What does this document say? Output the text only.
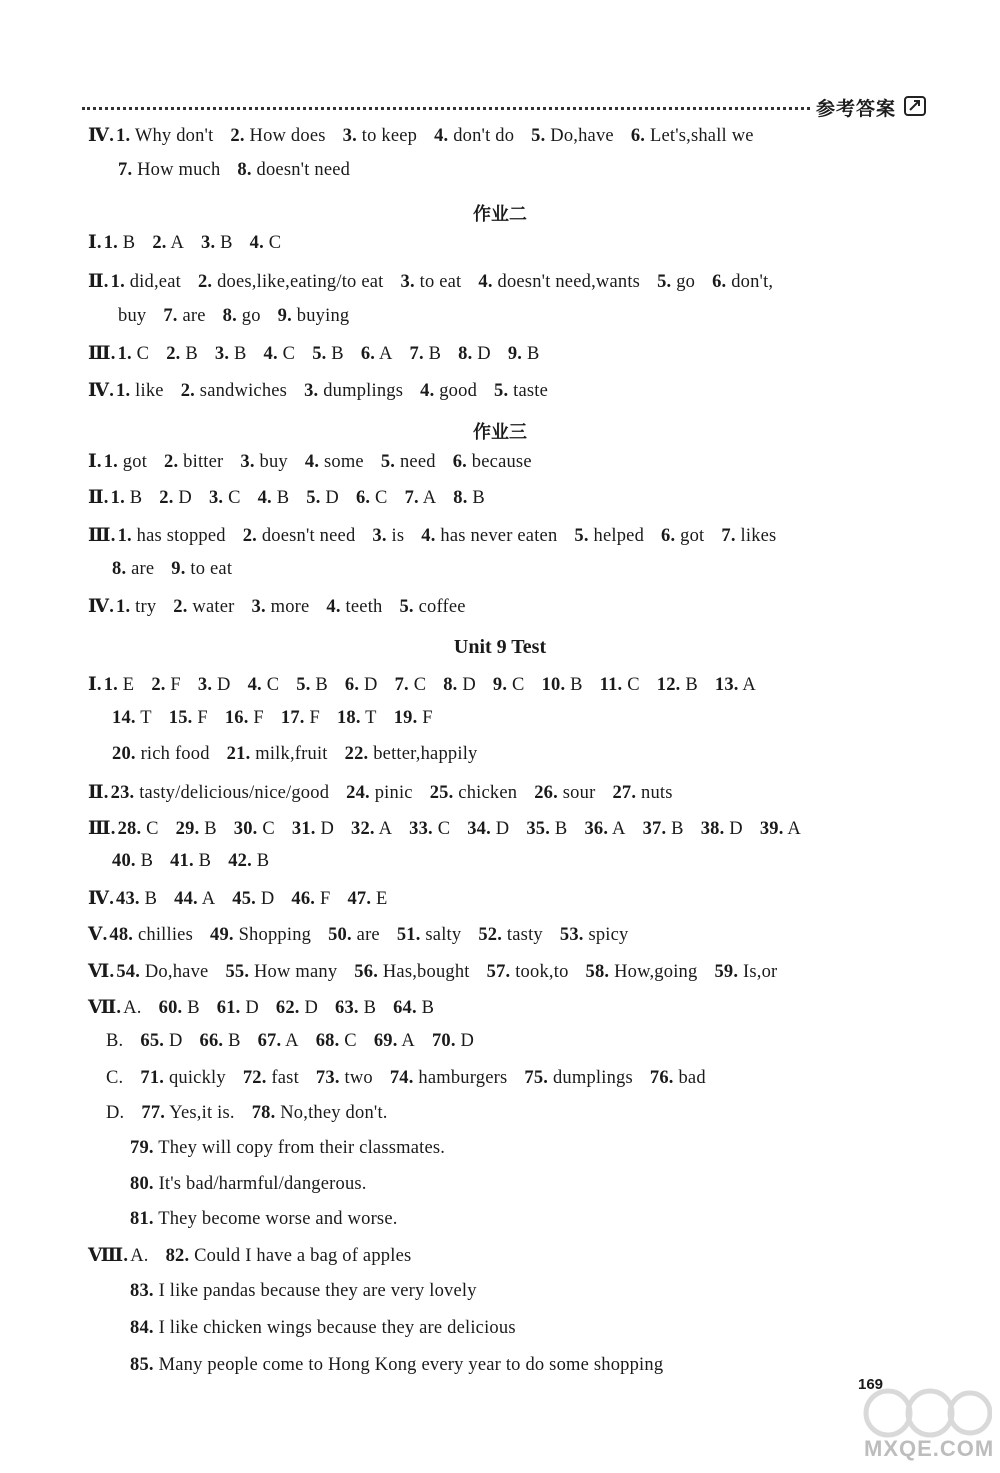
参考答案
Ⅳ. 1. Why don't 2. How does 3. to keep 4. don't do 5. Do,have 6. Let's,shall we
7. How much 8. doesn't need
作业二
Ⅰ. 1. B 2. A 3. B 4. C
Ⅱ. 1. did,eat 2. does,like,eating/to eat 3. to eat 4. doesn't need,wants 5. go 6. don't,
buy 7. are 8. go 9. buying
Ⅲ. 1. C 2. B 3. B 4. C 5. B 6. A 7. B 8. D 9. B
Ⅳ. 1. like 2. sandwiches 3. dumplings 4. good 5. taste
作业三
Ⅰ. 1. got 2. bitter 3. buy 4. some 5. need 6. because
Ⅱ. 1. B 2. D 3. C 4. B 5. D 6. C 7. A 8. B
Ⅲ. 1. has stopped 2. doesn't need 3. is 4. has never eaten 5. helped 6. got 7. likes
8. are 9. to eat
Ⅳ. 1. try 2. water 3. more 4. teeth 5. coffee
Unit 9 Test
Ⅰ. 1. E 2. F 3. D 4. C 5. B 6. D 7. C 8. D 9. C 10. B 11. C 12. B 13. A
14. T 15. F 16. F 17. F 18. T 19. F
20. rich food 21. milk,fruit 22. better,happily
Ⅱ. 23. tasty/delicious/nice/good 24. pinic 25. chicken 26. sour 27. nuts
Ⅲ. 28. C 29. B 30. C 31. D 32. A 33. C 34. D 35. B 36. A 37. B 38. D 39. A
40. B 41. B 42. B
Ⅳ. 43. B 44. A 45. D 46. F 47. E
Ⅴ. 48. chillies 49. Shopping 50. are 51. salty 52. tasty 53. spicy
Ⅵ. 54. Do,have 55. How many 56. Has,bought 57. took,to 58. How,going 59. Is,or
Ⅶ. A. 60. B 61. D 62. D 63. B 64. B
B. 65. D 66. B 67. A 68. C 69. A 70. D
C. 71. quickly 72. fast 73. two 74. hamburgers 75. dumplings 76. bad
D. 77. Yes,it is. 78. No,they don't.
79. They will copy from their classmates.
80. It's bad/harmful/dangerous.
81. They become worse and worse.
Ⅷ. A. 82. Could I have a bag of apples
83. I like pandas because they are very lovely
84. I like chicken wings because they are delicious
85. Many people come to Hong Kong every year to do some shopping
169
MXQE.COM
